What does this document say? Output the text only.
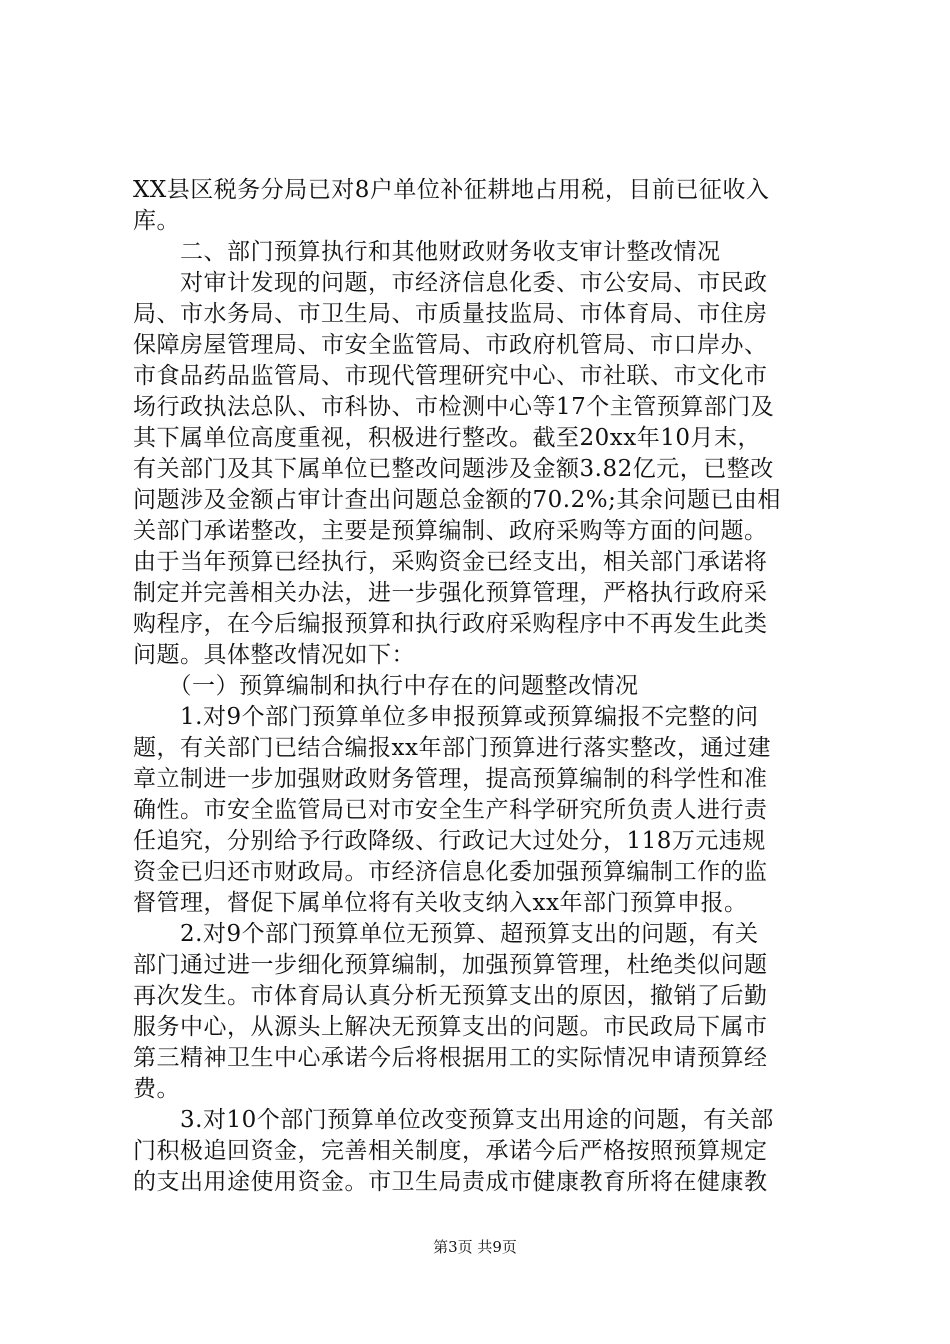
XX县区税务分局已对8户单位补征耕地占用税，目前已征收入
库。
　　二、部门预算执行和其他财政财务收支审计整改情况
　　对审计发现的问题，市经济信息化委、市公安局、市民政
局、市水务局、市卫生局、市质量技监局、市体育局、市住房
保障房屋管理局、市安全监管局、市政府机管局、市口岸办、
市食品药品监管局、市现代管理研究中心、市社联、市文化市
场行政执法总队、市科协、市检测中心等17个主管预算部门及
其下属单位高度重视，积极进行整改。截至20xx年10月末，
有关部门及其下属单位已整改问题涉及金额3.82亿元，已整改
问题涉及金额占审计查出问题总金额的70.2%;其余问题已由相
关部门承诺整改，主要是预算编制、政府采购等方面的问题。
由于当年预算已经执行，采购资金已经支出，相关部门承诺将
制定并完善相关办法，进一步强化预算管理，严格执行政府采
购程序，在今后编报预算和执行政府采购程序中不再发生此类
问题。具体整改情况如下：
　　（一）预算编制和执行中存在的问题整改情况
　　1.对9个部门预算单位多申报预算或预算编报不完整的问
题，有关部门已结合编报xx年部门预算进行落实整改，通过建
章立制进一步加强财政财务管理，提高预算编制的科学性和准
确性。市安全监管局已对市安全生产科学研究所负责人进行责
任追究，分别给予行政降级、行政记大过处分，118万元违规
资金已归还市财政局。市经济信息化委加强预算编制工作的监
督管理，督促下属单位将有关收支纳入xx年部门预算申报。
　　2.对9个部门预算单位无预算、超预算支出的问题，有关
部门通过进一步细化预算编制，加强预算管理，杜绝类似问题
再次发生。市体育局认真分析无预算支出的原因，撤销了后勤
服务中心，从源头上解决无预算支出的问题。市民政局下属市
第三精神卫生中心承诺今后将根据用工的实际情况申请预算经
费。
　　3.对10个部门预算单位改变预算支出用途的问题，有关部
门积极追回资金，完善相关制度，承诺今后严格按照预算规定
的支出用途使用资金。市卫生局责成市健康教育所将在健康教
第3页 共9页
